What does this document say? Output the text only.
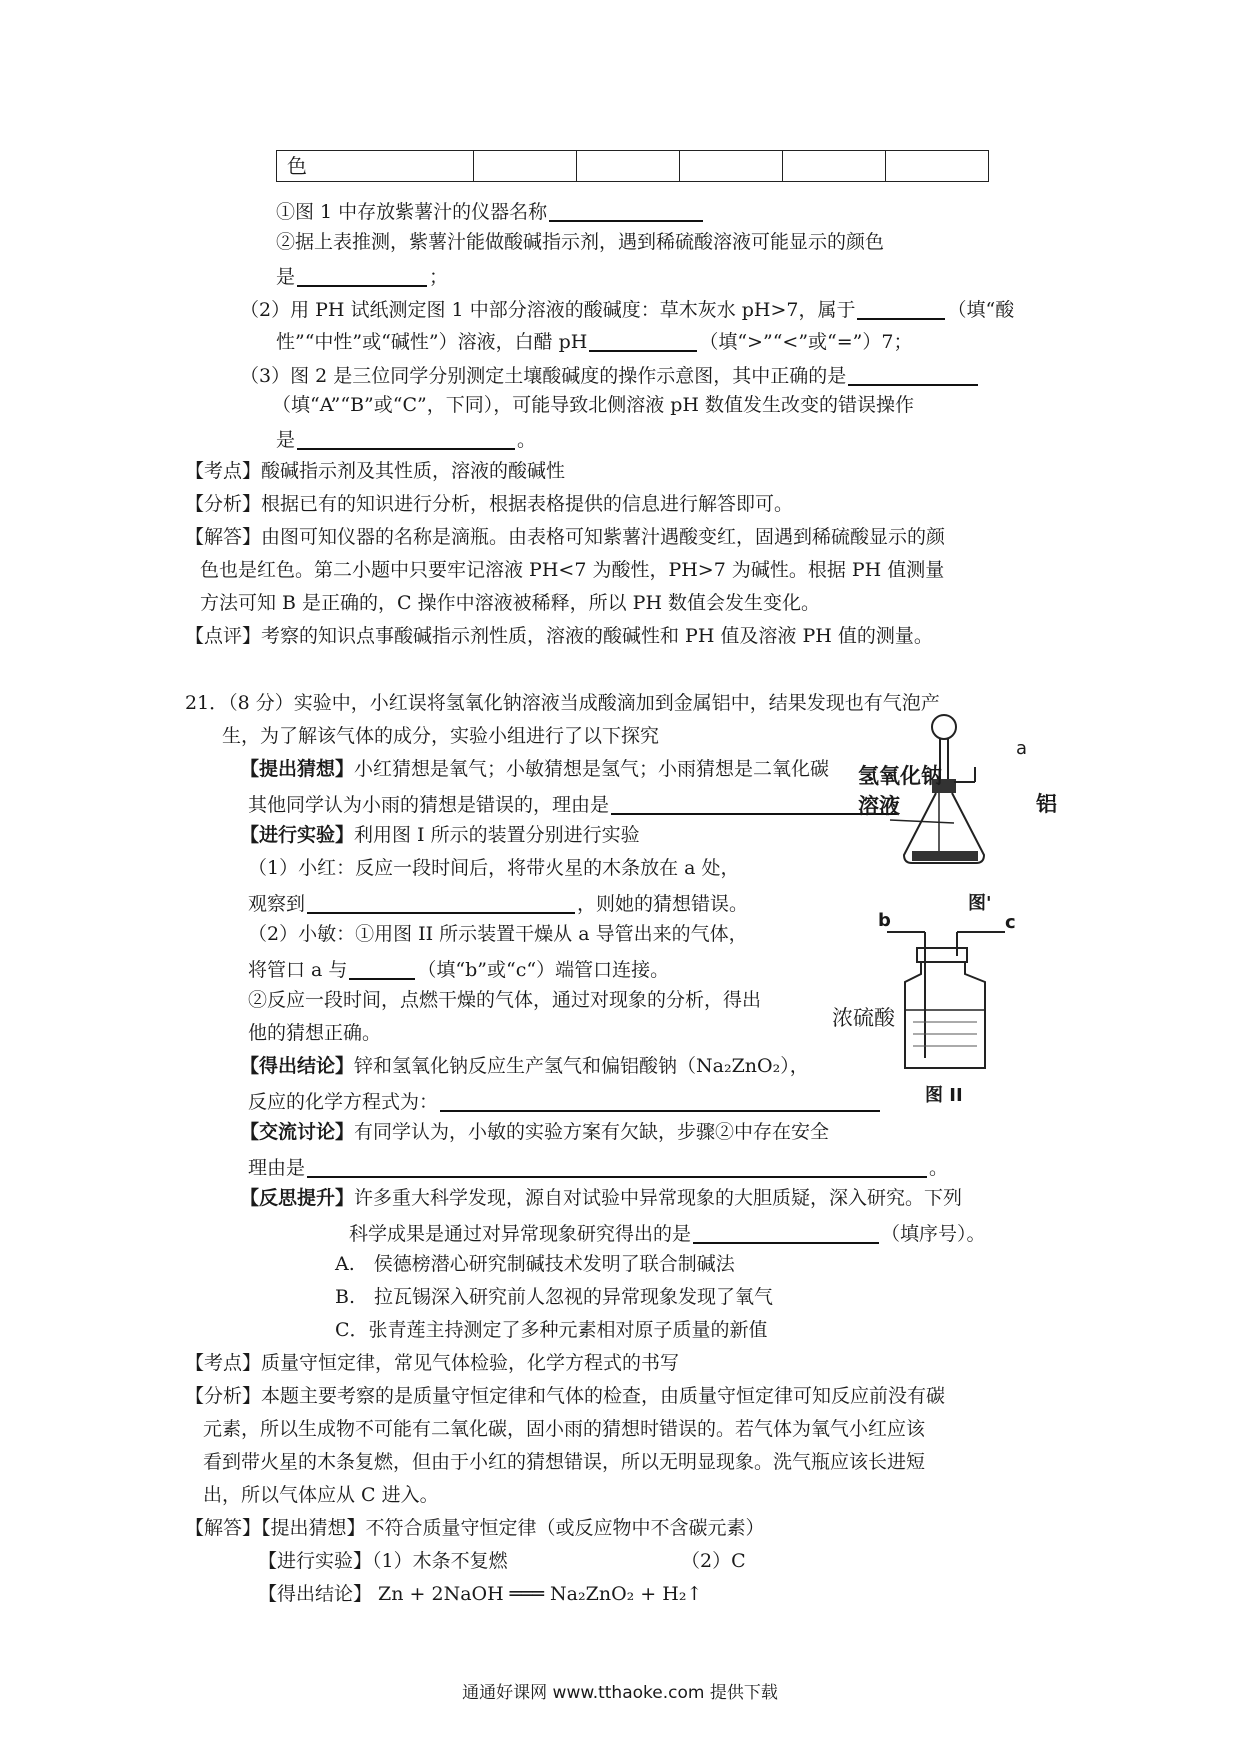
色					
①图 1 中存放紫薯汁的仪器名称
②据上表推测，紫薯汁能做酸碱指示剂，遇到稀硫酸溶液可能显示的颜色
是	；
（2）用 PH 试纸测定图 1 中部分溶液的酸碱度：草木灰水 pH>7，属于	（填“酸
性”“中性”或“碱性”）溶液，白醋 pH	（填“>”“<”或“=”）7；
（3）图 2 是三位同学分别测定土壤酸碱度的操作示意图，其中正确的是
（填“A”“B”或“C”，下同），可能导致北侧溶液 pH 数值发生改变的错误操作
是	。
【考点】酸碱指示剂及其性质，溶液的酸碱性
【分析】根据已有的知识进行分析，根据表格提供的信息进行解答即可。
【解答】由图可知仪器的名称是滴瓶。由表格可知紫薯汁遇酸变红，固遇到稀硫酸显示的颜
色也是红色。第二小题中只要牢记溶液 PH<7 为酸性，PH>7 为碱性。根据 PH 值测量
方法可知 B 是正确的，C 操作中溶液被稀释，所以 PH 数值会发生变化。
【点评】考察的知识点事酸碱指示剂性质，溶液的酸碱性和 PH 值及溶液 PH 值的测量。
21．（8 分）实验中，小红误将氢氧化钠溶液当成酸滴加到金属铝中，结果发现也有气泡产
生，为了解该气体的成分，实验小组进行了以下探究
【提出猜想】小红猜想是氧气；小敏猜想是氢气；小雨猜想是二氧化碳
其他同学认为小雨的猜想是错误的，理由是
【进行实验】利用图 I 所示的装置分别进行实验
（1）小红：反应一段时间后，将带火星的木条放在 a 处，
观察到	，则她的猜想错误。
（2）小敏：①用图 II 所示装置干燥从 a 导管出来的气体，
将管口 a 与	（填“b”或“c“）端管口连接。
②反应一段时间，点燃干燥的气体，通过对现象的分析，得出
他的猜想正确。
【得出结论】锌和氢氧化钠反应生产氢气和偏铝酸钠（Na₂ZnO₂），
反应的化学方程式为：
【交流讨论】有同学认为，小敏的实验方案有欠缺，步骤②中存在安全
理由是	。
【反思提升】许多重大科学发现，源自对试验中异常现象的大胆质疑，深入研究。下列
科学成果是通过对异常现象研究得出的是	（填序号）。
A.　侯德榜潜心研究制碱技术发明了联合制碱法
B.　拉瓦锡深入研究前人忽视的异常现象发现了氧气
C．张青莲主持测定了多种元素相对原子质量的新值
【考点】质量守恒定律，常见气体检验，化学方程式的书写
【分析】本题主要考察的是质量守恒定律和气体的检查，由质量守恒定律可知反应前没有碳
元素，所以生成物不可能有二氧化碳，固小雨的猜想时错误的。若气体为氧气小红应该
看到带火星的木条复燃，但由于小红的猜想错误，所以无明显现象。洗气瓶应该长进短
出，所以气体应从 C 进入。
【解答】【提出猜想】不符合质量守恒定律（或反应物中不含碳元素）
【进行实验】（1）木条不复燃	（2）C
【得出结论】 Zn + 2NaOH ═══ Na₂ZnO₂ + H₂↑
a
氢氧化钠
溶液	铝
图'
b	c
浓硫酸
图 II
通通好课网 www.tthaoke.com 提供下载
